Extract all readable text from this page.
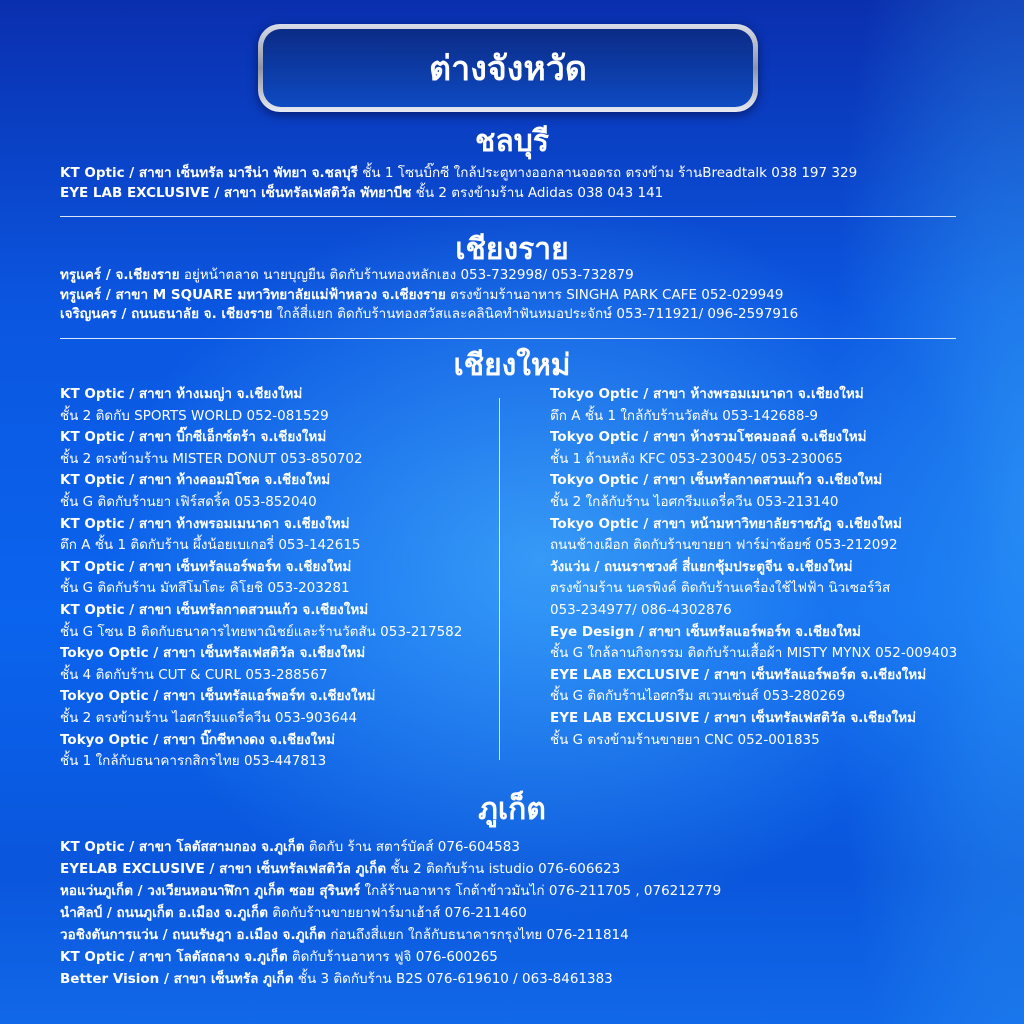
ต่างจังหวัด
ชลบุรี
KT Optic / สาขา เซ็นทรัล มารีน่า พัทยา จ.ชลบุรี ชั้น 1 โซนบิ๊กซี ใกล้ประตูทางออกลานจอดรถ ตรงข้าม ร้านBreadtalk 038 197 329
EYE LAB EXCLUSIVE / สาขา เซ็นทรัลเฟสติวัล พัทยาบีช ชั้น 2 ตรงข้ามร้าน Adidas 038 043 141
เชียงราย
ทรูแคร์ / จ.เชียงราย อยู่หน้าตลาด นายบุญยืน ติดกับร้านทองหลักเฮง 053-732998/ 053-732879
ทรูแคร์ / สาขา M SQUARE มหาวิทยาลัยแม่ฟ้าหลวง จ.เชียงราย ตรงข้ามร้านอาหาร SINGHA PARK CAFE 052-029949
เจริญนคร / ถนนธนาลัย จ. เชียงราย ใกล้สี่แยก ติดกับร้านทองสวัสและคลินิคทำฟันหมอประจักษ์ 053-711921/ 096-2597916
เชียงใหม่
KT Optic / สาขา ห้างเมญ่า จ.เชียงใหม่
ชั้น 2 ติดกับ SPORTS WORLD 052-081529
KT Optic / สาขา บิ๊กซีเอ็กซ์ตร้า จ.เชียงใหม่
ชั้น 2 ตรงข้ามร้าน MISTER DONUT 053-850702
KT Optic / สาขา ห้างคอมมิโชค จ.เชียงใหม่
ชั้น G ติดกับร้านยา เฟิร์สดริ้ค 053-852040
KT Optic / สาขา ห้างพรอมเมนาดา จ.เชียงใหม่
ตึก A ชั้น 1 ติดกับร้าน ผึ้งน้อยเบเกอรี่ 053-142615
KT Optic / สาขา เซ็นทรัลแอร์พอร์ท จ.เชียงใหม่
ชั้น G ติดกับร้าน มัทสึโมโตะ คิโยชิ 053-203281
KT Optic / สาขา เซ็นทรัลกาดสวนแก้ว จ.เชียงใหม่
ชั้น G โซน B ติดกับธนาคารไทยพาณิชย์และร้านวัตสัน 053-217582
Tokyo Optic / สาขา เซ็นทรัลเฟสติวัล จ.เชียงใหม่
ชั้น 4 ติดกับร้าน CUT & CURL 053-288567
Tokyo Optic / สาขา เซ็นทรัลแอร์พอร์ท จ.เชียงใหม่
ชั้น 2 ตรงข้ามร้าน ไอศกรีมแดรี่ควีน 053-903644
Tokyo Optic / สาขา บิ๊กซีหางดง จ.เชียงใหม่
ชั้น 1 ใกล้กับธนาคารกสิกรไทย 053-447813
Tokyo Optic / สาขา ห้างพรอมเมนาดา จ.เชียงใหม่
ตึก A ชั้น 1 ใกล้กับร้านวัตสัน 053-142688-9
Tokyo Optic / สาขา ห้างรวมโชคมอลล์ จ.เชียงใหม่
ชั้น 1 ด้านหลัง KFC 053-230045/ 053-230065
Tokyo Optic / สาขา เซ็นทรัลกาดสวนแก้ว จ.เชียงใหม่
ชั้น 2 ใกล้กับร้าน ไอศกรีมแดรี่ควีน 053-213140
Tokyo Optic / สาขา หน้ามหาวิทยาลัยราชภัฏ จ.เชียงใหม่
ถนนช้างเผือก ติดกับร้านขายยา ฟาร์ม่าช้อยซ์ 053-212092
วังแว่น / ถนนราชวงศ์ สี่แยกชุ้มประตูจีน จ.เชียงใหม่
ตรงข้ามร้าน นครพิงค์ ติดกับร้านเครื่องใช้ไฟฟ้า นิวเซอร์วิส
053-234977/ 086-4302876
Eye Design / สาขา เซ็นทรัลแอร์พอร์ท จ.เชียงใหม่
ชั้น G ใกล้ลานกิจกรรม ติดกับร้านเสื้อผ้า MISTY MYNX 052-009403
EYE LAB EXCLUSIVE / สาขา เซ็นทรัลแอร์พอร์ต จ.เชียงใหม่
ชั้น G ติดกับร้านไอศกรีม สเวนเซ่นส์ 053-280269
EYE LAB EXCLUSIVE / สาขา เซ็นทรัลเฟสติวัล จ.เชียงใหม่
ชั้น G ตรงข้ามร้านขายยา CNC 052-001835
ภูเก็ต
KT Optic / สาขา โลตัสสามกอง จ.ภูเก็ต ติดกับ ร้าน สตาร์บัคส์ 076-604583
EYELAB EXCLUSIVE / สาขา เซ็นทรัลเฟสติวัล ภูเก็ต ชั้น 2 ติดกับร้าน istudio 076-606623
หอแว่นภูเก็ต / วงเวียนหอนาฬิกา ภูเก็ต ซอย สุรินทร์ ใกล้ร้านอาหาร โกต้าข้าวมันไก่ 076-211705 , 076212779
นำศิลป์ / ถนนภูเก็ต อ.เมือง จ.ภูเก็ต ติดกับร้านขายยาฟาร์มาเฮ้าส์ 076-211460
วอชิงตันการแว่น / ถนนรัษฎา อ.เมือง จ.ภูเก็ต ก่อนถึงสี่แยก ใกล้กับธนาคารกรุงไทย 076-211814
KT Optic / สาขา โลตัสถลาง จ.ภูเก็ต ติดกับร้านอาหาร ฟูจิ 076-600265
Better Vision / สาขา เซ็นทรัล ภูเก็ต ชั้น 3 ติดกับร้าน B2S 076-619610 / 063-8461383
